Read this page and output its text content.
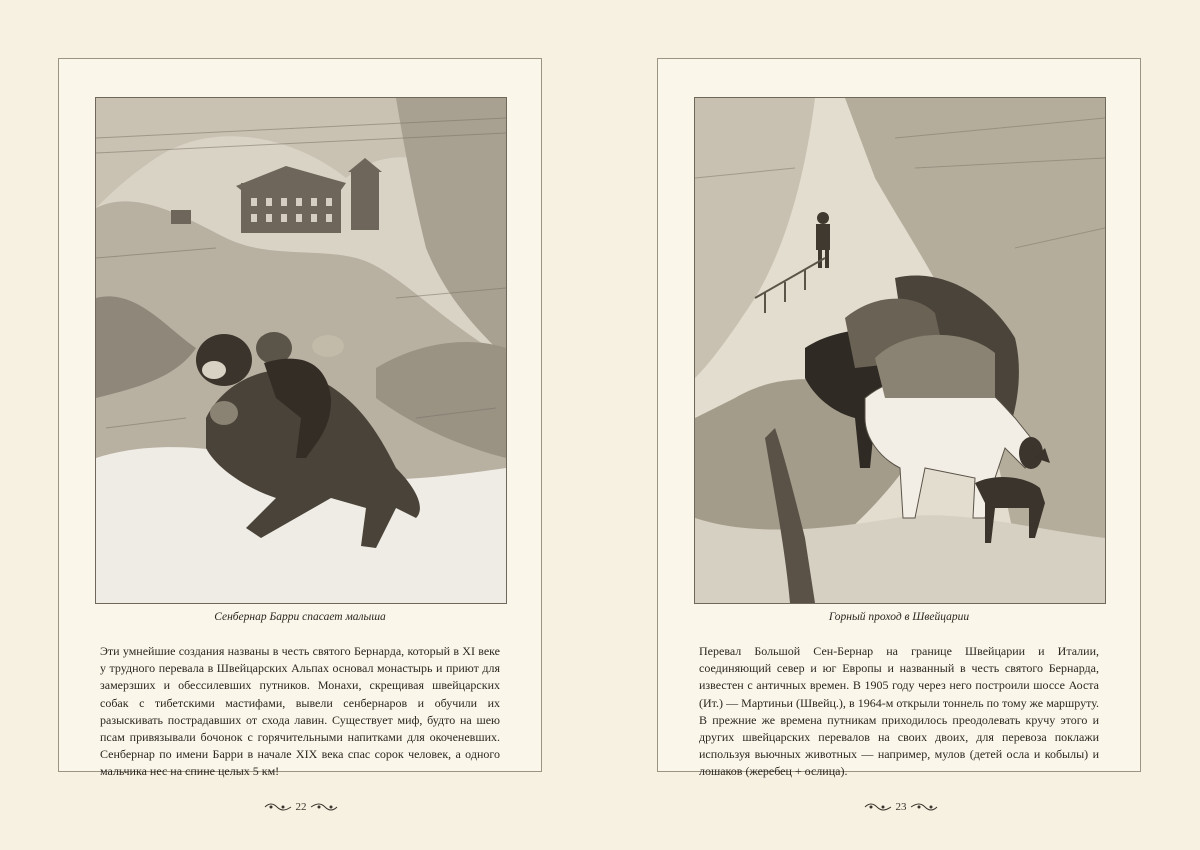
Сенбернар Барри спасает малыша
Эти умнейшие создания названы в честь святого Бернарда, который в XI веке у трудного перевала в Швейцарских Альпах основал монастырь и приют для замерзших и обессилевших путников. Монахи, скрещивая швейцарских собак с тибетскими мастифами, вывели сенбернаров и обучили их разыскивать пострадавших от схода лавин. Существует миф, будто на шею псам привязывали бочонок с горячительными напитками для окоченевших. Сенбернар по имени Барри в начале XIX века спас сорок человек, а одного мальчика нес на спине целых 5 км!
Горный проход в Швейцарии
Перевал Большой Сен-Бернар на границе Швейцарии и Италии, соединяющий север и юг Европы и названный в честь святого Бернарда, известен с античных времен. В 1905 году через него построили шоссе Аоста (Ит.) — Мартиньи (Швейц.), в 1964-м открыли тоннель по тому же маршруту. В прежние же времена путникам приходилось преодолевать кручу этого и других швейцарских перевалов на своих двоих, для перевоза поклажи используя вьючных животных — например, мулов (детей осла и кобылы) и лошаков (жеребец + ослица).
22	23
